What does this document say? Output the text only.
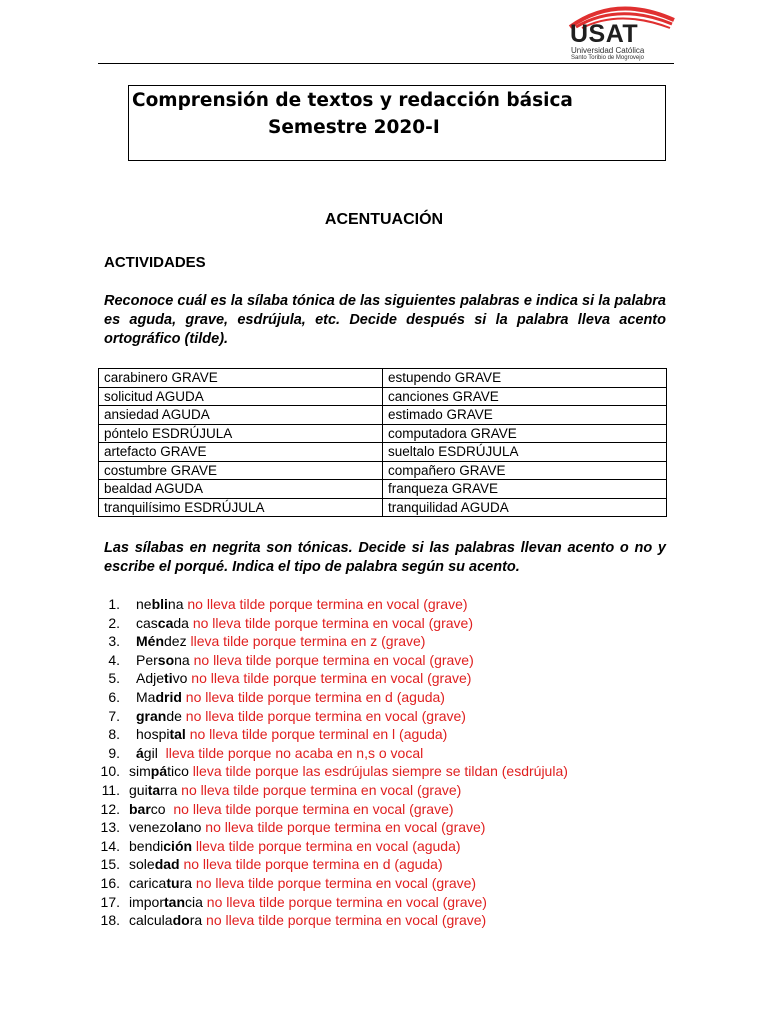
USAT
Universidad Católica
Santo Toribio de Mogrovejo
Comprensión de textos y redacción básica
Semestre 2020-I
ACENTUACIÓN
ACTIVIDADES
Reconoce cuál es la sílaba tónica de las siguientes palabras e indica si la palabra es aguda, grave, esdrújula, etc. Decide después si la palabra lleva acento ortográfico (tilde).
carabinero GRAVE	estupendo GRAVE
solicitud AGUDA	canciones GRAVE
ansiedad AGUDA	estimado GRAVE
póntelo ESDRÚJULA	computadora GRAVE
artefacto GRAVE	sueltalo ESDRÚJULA
costumbre GRAVE	compañero GRAVE
bealdad AGUDA	franqueza GRAVE
tranquilísimo ESDRÚJULA	tranquilidad AGUDA
Las sílabas en negrita son tónicas. Decide si las palabras llevan acento o no y escribe el porqué. Indica el tipo de palabra según su acento.
1. neblina no lleva tilde porque termina en vocal (grave)
2. cascada no lleva tilde porque termina en vocal (grave)
3. Méndez lleva tilde porque termina en z (grave)
4. Persona no lleva tilde porque termina en vocal (grave)
5. Adjetivo no lleva tilde porque termina en vocal (grave)
6. Madrid no lleva tilde porque termina en d (aguda)
7. grande no lleva tilde porque termina en vocal (grave)
8. hospital no lleva tilde porque terminal en l (aguda)
9. ágil  lleva tilde porque no acaba en n,s o vocal
10. simpático lleva tilde porque las esdrújulas siempre se tildan (esdrújula)
11. guitarra no lleva tilde porque termina en vocal (grave)
12. barco  no lleva tilde porque termina en vocal (grave)
13. venezolano no lleva tilde porque termina en vocal (grave)
14. bendición lleva tilde porque termina en vocal (aguda)
15. soledad no lleva tilde porque termina en d (aguda)
16. caricatura no lleva tilde porque termina en vocal (grave)
17. importancia no lleva tilde porque termina en vocal (grave)
18. calculadora no lleva tilde porque termina en vocal (grave)
